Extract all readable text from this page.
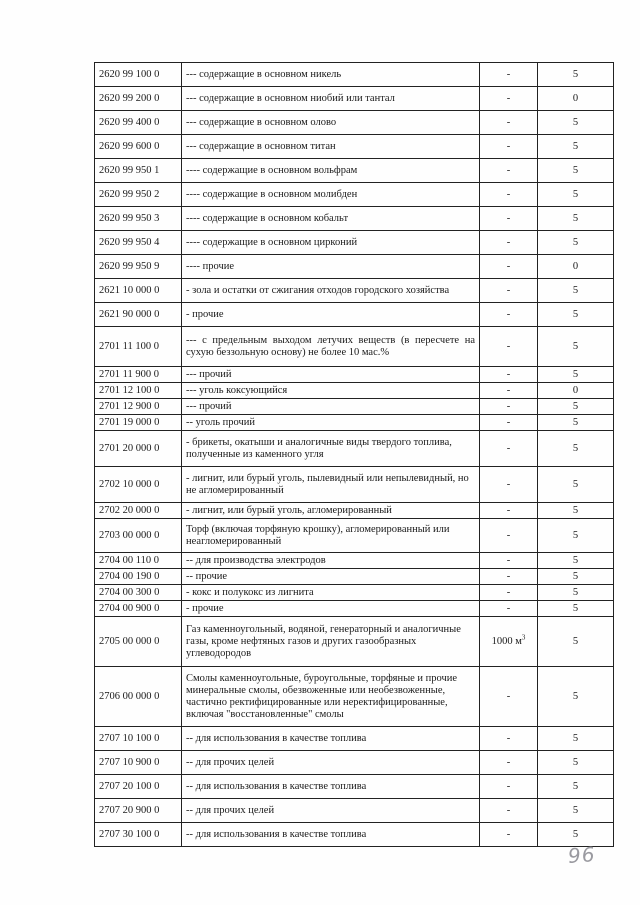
2620 99 100 0	--- содержащие в основном никель	-	5
2620 99 200 0	--- содержащие в основном ниобий или тантал	-	0
2620 99 400 0	--- содержащие в основном олово	-	5
2620 99 600 0	--- содержащие в основном титан	-	5
2620 99 950 1	---- содержащие в основном вольфрам	-	5
2620 99 950 2	---- содержащие в основном молибден	-	5
2620 99 950 3	---- содержащие в основном кобальт	-	5
2620 99 950 4	---- содержащие в основном цирконий	-	5
2620 99 950 9	---- прочие	-	0
2621 10 000 0	- зола и остатки от сжигания отходов городского хозяйства	-	5
2621 90 000 0	- прочие	-	5
2701 11 100 0	--- с предельным выходом летучих веществ (в пересчете на сухую беззольную основу) не более 10 мас.%	-	5
2701 11 900 0	--- прочий	-	5
2701 12 100 0	--- уголь коксующийся	-	0
2701 12 900 0	--- прочий	-	5
2701 19 000 0	-- уголь прочий	-	5
2701 20 000 0	- брикеты, окатыши и аналогичные виды твердого топлива, полученные из каменного угля	-	5
2702 10 000 0	- лигнит, или бурый уголь, пылевидный или непылевидный, но не агломерированный	-	5
2702 20 000 0	- лигнит, или бурый уголь, агломерированный	-	5
2703 00 000 0	Торф (включая торфяную крошку), агломерированный или неагломерированный	-	5
2704 00 110 0	-- для производства электродов	-	5
2704 00 190 0	-- прочие	-	5
2704 00 300 0	- кокс и полукокс из лигнита	-	5
2704 00 900 0	- прочие	-	5
2705 00 000 0	Газ каменноугольный, водяной, генераторный и аналогичные газы, кроме нефтяных газов и других газообразных углеводородов	1000 $м^3$	5
2706 00 000 0	Смолы каменноугольные, буроугольные, торфяные и прочие минеральные смолы, обезвоженные или необезвоженные, частично ректифицированные или неректифицированные, включая "восстановленные" смолы	-	5
2707 10 100 0	-- для использования в качестве топлива	-	5
2707 10 900 0	-- для прочих целей	-	5
2707 20 100 0	-- для использования в качестве топлива	-	5
2707 20 900 0	-- для прочих целей	-	5
2707 30 100 0	-- для использования в качестве топлива	-	5
96
